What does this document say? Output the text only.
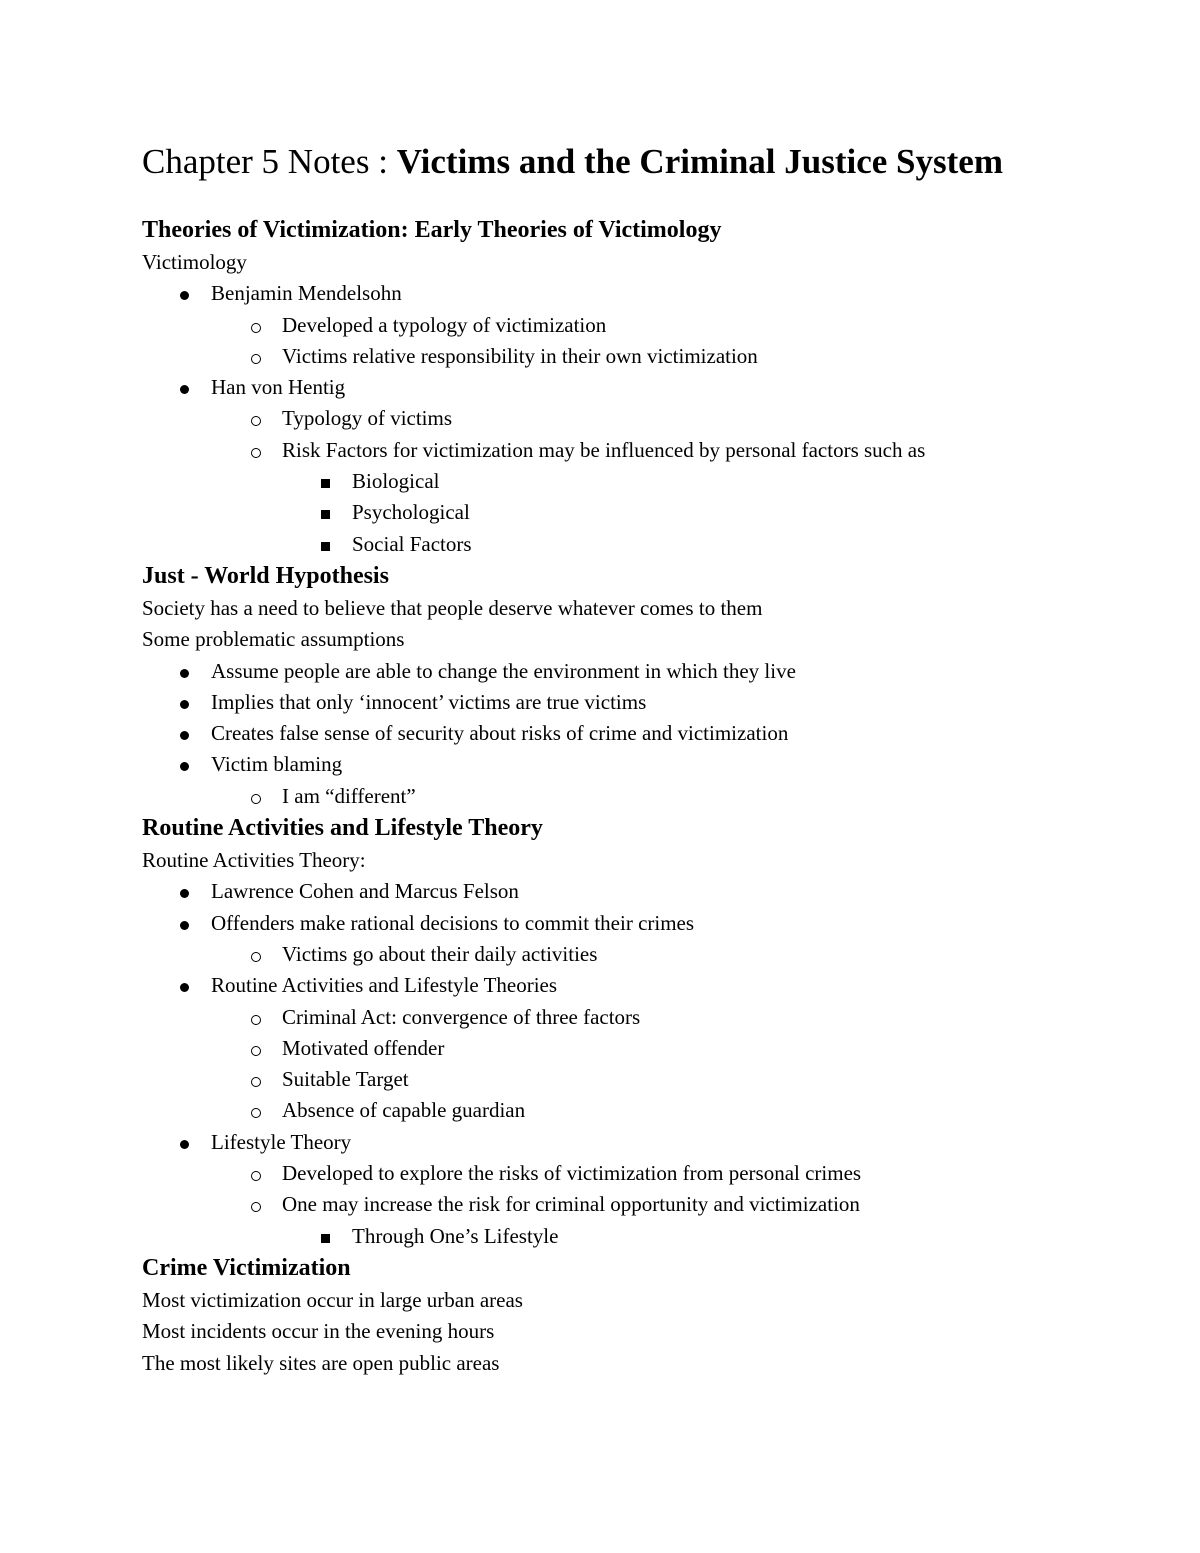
Chapter 5 Notes : Victims and the Criminal Justice System
Theories of Victimization: Early Theories of Victimology
Victimology
Benjamin Mendelsohn
Developed a typology of victimization
Victims relative responsibility in their own victimization
Han von Hentig
Typology of victims
Risk Factors for victimization may be influenced by personal factors such as
Biological
Psychological
Social Factors
Just - World Hypothesis
Society has a need to believe that people deserve whatever comes to them
Some problematic assumptions
Assume people are able to change the environment in which they live
Implies that only ‘innocent’ victims are true victims
Creates false sense of security about risks of crime and victimization
Victim blaming
I am “different”
Routine Activities and Lifestyle Theory
Routine Activities Theory:
Lawrence Cohen and Marcus Felson
Offenders make rational decisions to commit their crimes
Victims go about their daily activities
Routine Activities and Lifestyle Theories
Criminal Act: convergence of three factors
Motivated offender
Suitable Target
Absence of capable guardian
Lifestyle Theory
Developed to explore the risks of victimization from personal crimes
One may increase the risk for criminal opportunity and victimization
Through One’s Lifestyle
Crime Victimization
Most victimization occur in large urban areas
Most incidents occur in the evening hours
The most likely sites are open public areas
